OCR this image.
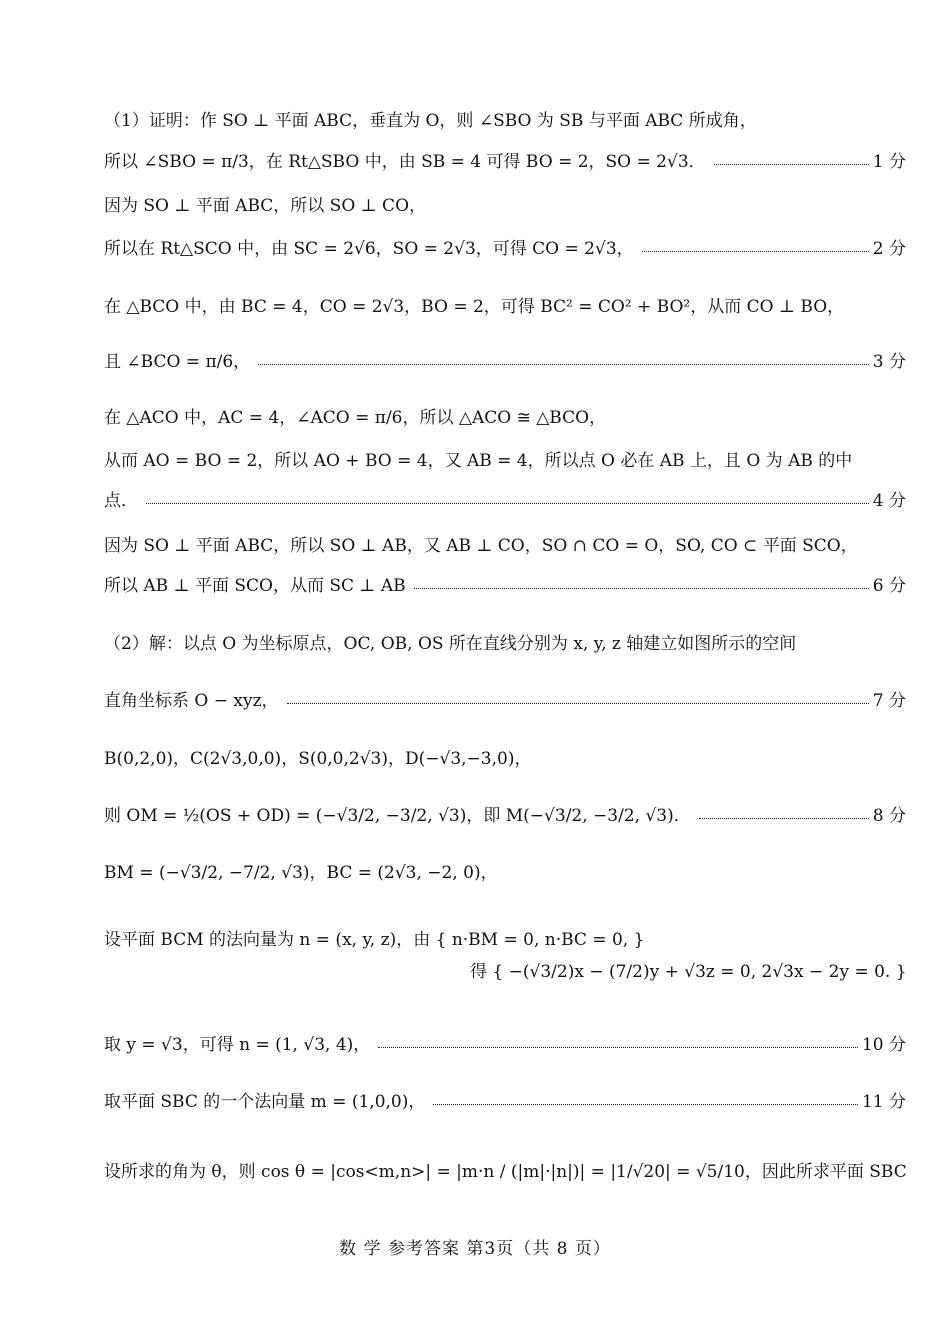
（1）证明：作 SO ⊥ 平面 ABC，垂直为 O，则 ∠SBO 为 SB 与平面 ABC 所成角，
所以 ∠SBO = π/3，在 Rt△SBO 中，由 SB = 4 可得 BO = 2，SO = 2√3．	1 分
因为 SO ⊥ 平面 ABC，所以 SO ⊥ CO，
所以在 Rt△SCO 中，由 SC = 2√6，SO = 2√3，可得 CO = 2√3，	2 分
在 △BCO 中，由 BC = 4，CO = 2√3，BO = 2，可得 BC² = CO² + BO²，从而 CO ⊥ BO，
且 ∠BCO = π/6，	3 分
在 △ACO 中，AC = 4，∠ACO = π/6，所以 △ACO ≅ △BCO，
从而 AO = BO = 2，所以 AO + BO = 4，又 AB = 4，所以点 O 必在 AB 上，且 O 为 AB 的中
点．	4 分
因为 SO ⊥ 平面 ABC，所以 SO ⊥ AB，又 AB ⊥ CO，SO ∩ CO = O，SO, CO ⊂ 平面 SCO，
所以 AB ⊥ 平面 SCO，从而 SC ⊥ AB	6 分
（2）解：以点 O 为坐标原点，OC, OB, OS 所在直线分别为 x, y, z 轴建立如图所示的空间
直角坐标系 O − xyz，	7 分
B(0,2,0)，C(2√3,0,0)，S(0,0,2√3)，D(−√3,−3,0)，
则 OM = ½(OS + OD) = (−√3/2, −3/2, √3)，即 M(−√3/2, −3/2, √3)．	8 分
BM = (−√3/2, −7/2, √3)，BC = (2√3, −2, 0)，
设平面 BCM 的法向量为 n = (x, y, z)，由 { n·BM = 0, n·BC = 0, }
得 { −(√3/2)x − (7/2)y + √3z = 0, 2√3x − 2y = 0. }
取 y = √3，可得 n = (1, √3, 4)，	10 分
取平面 SBC 的一个法向量 m = (1,0,0)，	11 分
设所求的角为 θ，则 cos θ = |cos<m,n>| = |m·n / (|m|·|n|)| = |1/√20| = √5/10，因此所求平面 SBC
数 学 参考答案 第3页（共 8 页）
